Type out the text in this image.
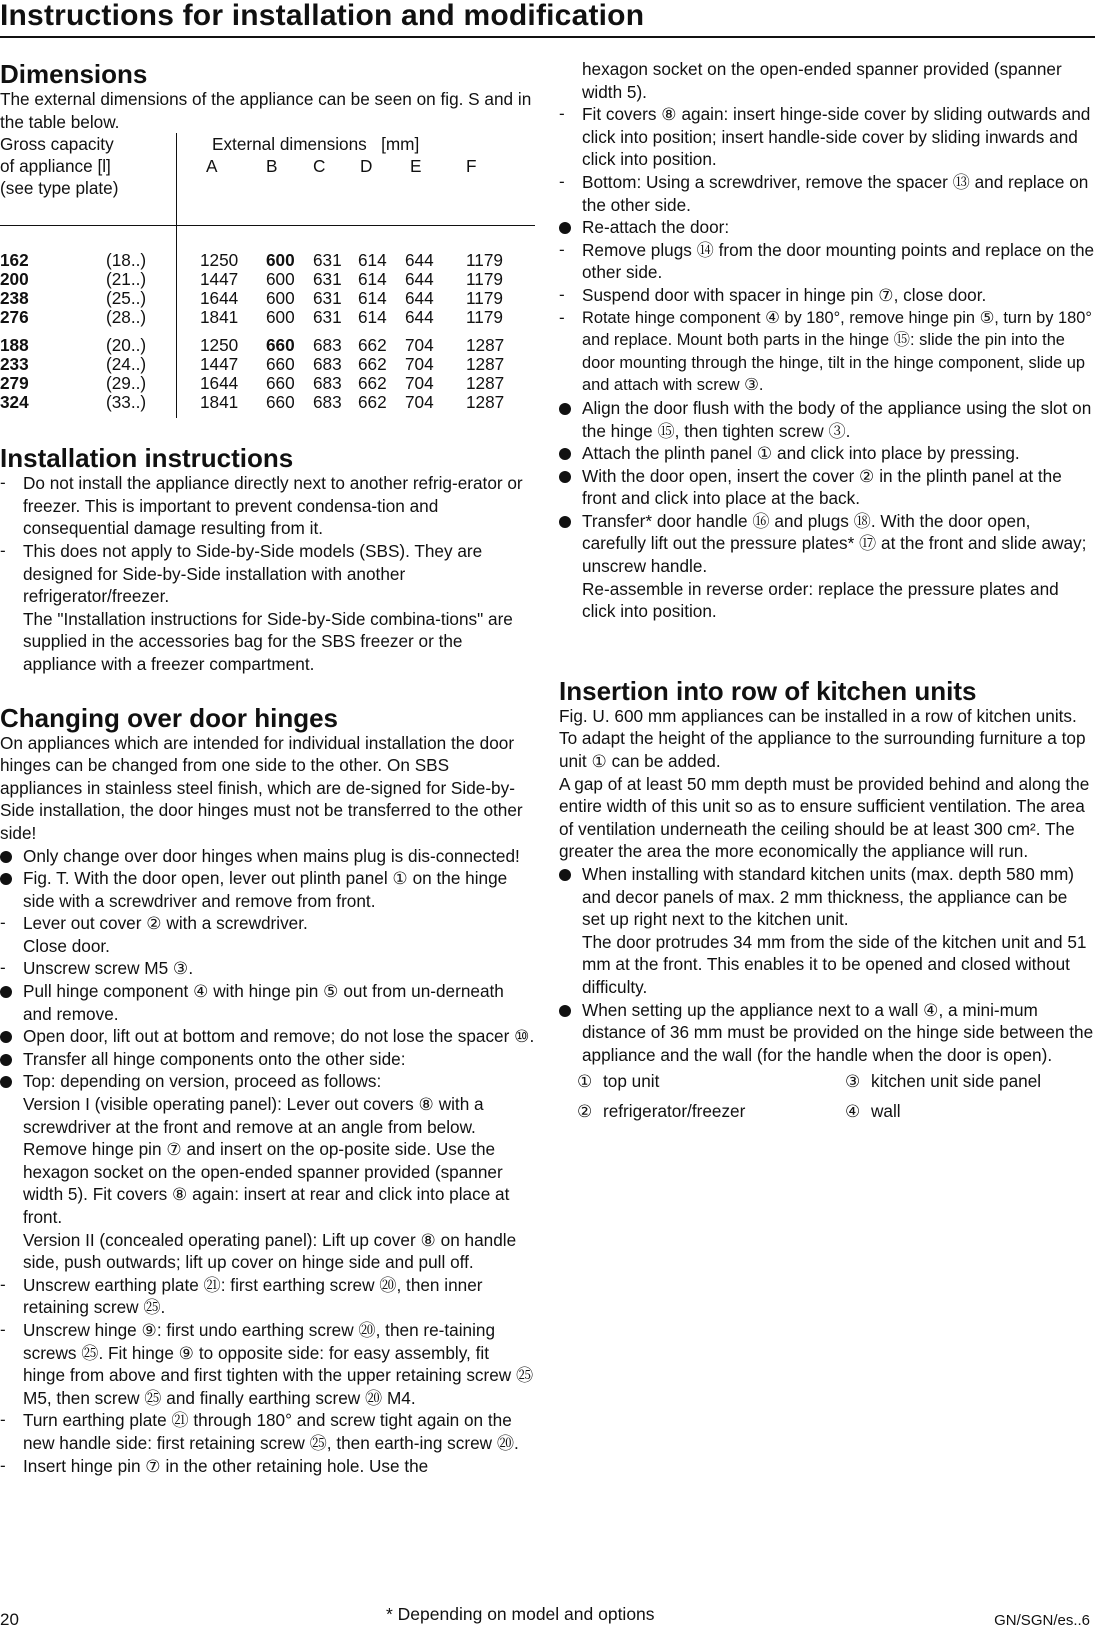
Instructions for installation and modification
Dimensions

The external dimensions of the appliance can be seen on fig. S and in the table below.

Gross capacity
of appliance [l]
(see type plate)
External dimensions   [mm]
A	B C D E	F
162	(18..)	1250 600 631 614 644 1179
200	(21..)	1447 600 631 614 644 1179
238	(25..)	1644 600 631 614 644 1179
276	(28..)	1841 600 631 614 644 1179
188	(20..)	1250 660 683 662 704 1287
233	(24..)	1447 660 683 662 704 1287
279	(29..)	1644 660 683 662 704 1287
324	(33..)	1841 660 683 662 704 1287
Installation instructions
-	Do not install the appliance directly next to another refrig-erator or freezer. This is important to prevent condensa-tion and consequential damage resulting from it.
-	This does not apply to Side-by-Side models (SBS). They are designed for Side-by-Side installation with another refrigerator/freezer.
The "Installation instructions for Side-by-Side combina-tions" are supplied in the accessories bag for the SBS freezer or the appliance with a freezer compartment.
Changing over door hinges

On appliances which are intended for individual installation the door hinges can be changed from one side to the other. On SBS appliances in stainless steel finish, which are de-signed for Side-by-Side installation, the door hinges must not be transferred to the other side!

Only change over door hinges when mains plug is dis-connected!
Fig. T. With the door open, lever out plinth panel ① on the hinge side with a screwdriver and remove from front.
-	Lever out cover ② with a screwdriver.
Close door.
-	Unscrew screw M5 ③.
Pull hinge component ④ with hinge pin ⑤ out from un-derneath and remove.
Open door, lift out at bottom and remove; do not lose the spacer ⑩.
Transfer all hinge components onto the other side:
Top: depending on version, proceed as follows:
Version I (visible operating panel): Lever out covers ⑧ with a screwdriver at the front and remove at an angle from below. Remove hinge pin ⑦ and insert on the op-posite side. Use the hexagon socket on the open-ended spanner provided (spanner width 5). Fit covers ⑧ again: insert at rear and click into place at front.
Version II (concealed operating panel): Lift up cover ⑧ on handle side, push outwards; lift up cover on hinge side and pull off.
-	Unscrew earthing plate ㉑: first earthing screw ⑳, then inner retaining screw ㉕.
-	Unscrew hinge ⑨: first undo earthing screw ⑳, then re-taining screws ㉕. Fit hinge ⑨ to opposite side: for easy assembly, fit hinge from above and first tighten with the upper retaining screw ㉕ M5, then screw ㉕ and finally earthing screw ⑳ M4.
-	Turn earthing plate ㉑ through 180° and screw tight again on the new handle side: first retaining screw ㉕, then earth-ing screw ⑳.
-	Insert hinge pin ⑦ in the other retaining hole. Use the
hexagon socket on the open-ended spanner provided (spanner width 5).
-	Fit covers ⑧ again: insert hinge-side cover by sliding outwards and click into position; insert handle-side cover by sliding inwards and click into position.
-	Bottom: Using a screwdriver, remove the spacer ⑬ and replace on the other side.
Re-attach the door:
-	Remove plugs ⑭ from the door mounting points and replace on the other side.
-	Suspend door with spacer in hinge pin ⑦, close door.
-	Rotate hinge component ④ by 180°, remove hinge pin ⑤, turn by 180° and replace. Mount both parts in the hinge ⑮: slide the pin into the door mounting through the hinge, tilt in the hinge component, slide up and attach with screw ③.
Align the door flush with the body of the appliance using the slot on the hinge ⑮, then tighten screw ③.
Attach the plinth panel ① and click into place by pressing.
With the door open, insert the cover ② in the plinth panel at the front and click into place at the back.
Transfer* door handle ⑯ and plugs ⑱. With the door open, carefully lift out the pressure plates* ⑰ at the front and slide away; unscrew handle.
Re-assemble in reverse order: replace the pressure plates and click into position.
Insertion into row of kitchen units

Fig. U. 600 mm appliances can be installed in a row of kitchen units. To adapt the height of the appliance to the surrounding furniture a top unit ① can be added.

A gap of at least 50 mm depth must be provided behind and along the entire width of this unit so as to ensure sufficient ventilation. The area of ventilation underneath the ceiling should be at least 300 cm². The greater the area the more economically the appliance will run.

When installing with standard kitchen units (max. depth 580 mm) and decor panels of max. 2 mm thickness, the appliance can be set up right next to the kitchen unit.
The door protrudes 34 mm from the side of the kitchen unit and 51 mm at the front. This enables it to be opened and closed without difficulty.
When setting up the appliance next to a wall ④, a mini-mum distance of 36 mm must be provided on the hinge side between the appliance and the wall (for the handle when the door is open).
① top unit	③ kitchen unit side panel
② refrigerator/freezer	④ wall
20	* Depending on model and options	GN/SGN/es..6
